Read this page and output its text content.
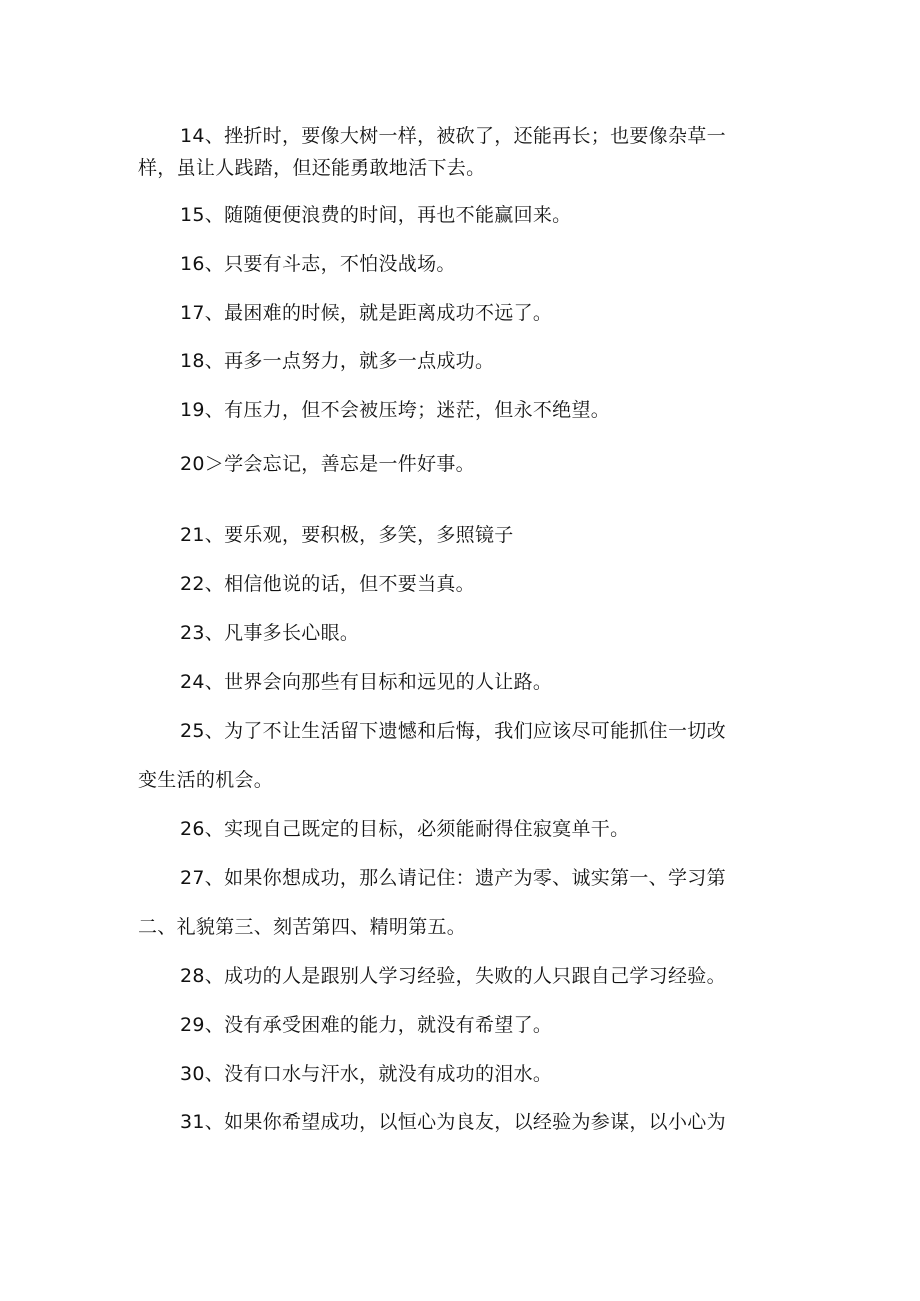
14、挫折时，要像大树一样，被砍了，还能再长；也要像杂草一
样，虽让人践踏，但还能勇敢地活下去。
15、随随便便浪费的时间，再也不能赢回来。
16、只要有斗志，不怕没战场。
17、最困难的时候，就是距离成功不远了。
18、再多一点努力，就多一点成功。
19、有压力，但不会被压垮；迷茫，但永不绝望。
20＞学会忘记，善忘是一件好事。
21、要乐观，要积极，多笑，多照镜子
22、相信他说的话，但不要当真。
23、凡事多长心眼。
24、世界会向那些有目标和远见的人让路。
25、为了不让生活留下遗憾和后悔，我们应该尽可能抓住一切改
变生活的机会。
26、实现自己既定的目标，必须能耐得住寂寞单干。
27、如果你想成功，那么请记住：遗产为零、诚实第一、学习第
二、礼貌第三、刻苦第四、精明第五。
28、成功的人是跟别人学习经验，失败的人只跟自己学习经验。
29、没有承受困难的能力，就没有希望了。
30、没有口水与汗水，就没有成功的泪水。
31、如果你希望成功，以恒心为良友，以经验为参谋，以小心为
